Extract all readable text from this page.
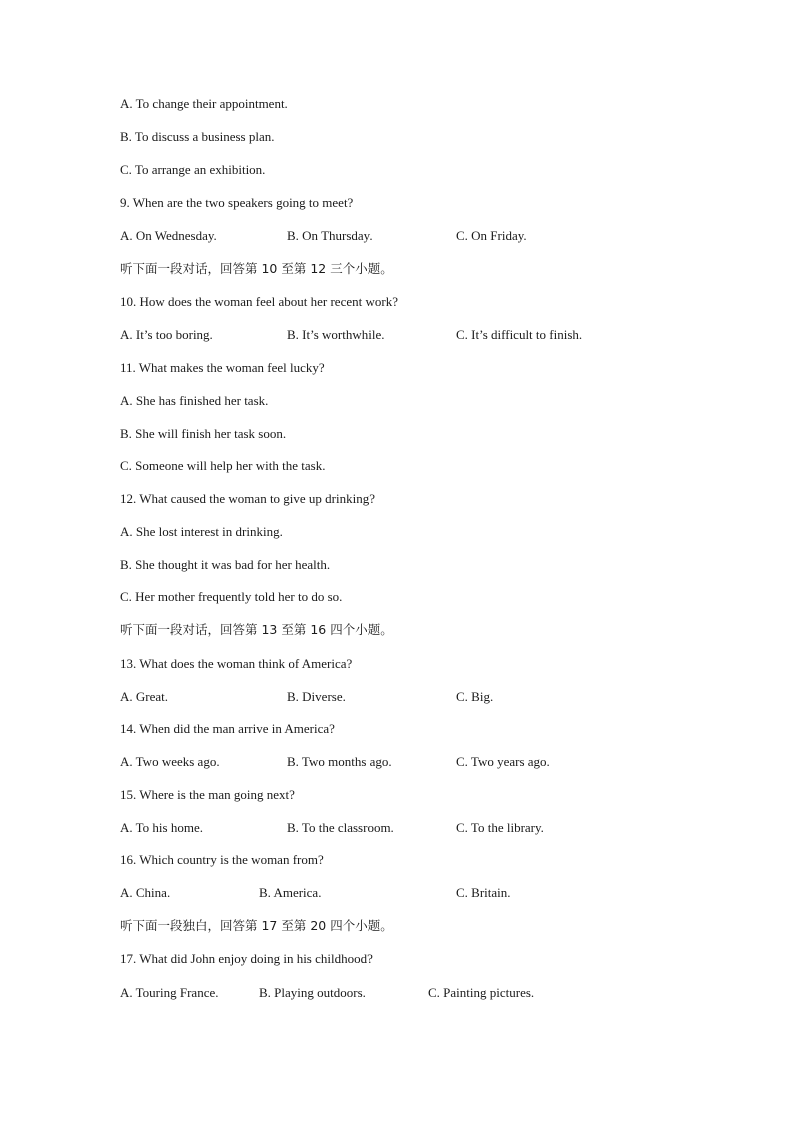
A. To change their appointment.
B. To discuss a business plan.
C. To arrange an exhibition.
9. When are the two speakers going to meet?
A. On Wednesday.	B. On Thursday.	C. On Friday.
听下面一段对话，回答第 10 至第 12 三个小题。
10. How does the woman feel about her recent work?
A. It’s too boring.	B. It’s worthwhile.	C. It’s difficult to finish.
11. What makes the woman feel lucky?
A. She has finished her task.
B. She will finish her task soon.
C. Someone will help her with the task.
12. What caused the woman to give up drinking?
A. She lost interest in drinking.
B. She thought it was bad for her health.
C. Her mother frequently told her to do so.
听下面一段对话，回答第 13 至第 16 四个小题。
13. What does the woman think of America?
A. Great.	B. Diverse.	C. Big.
14. When did the man arrive in America?
A. Two weeks ago.	B. Two months ago.	C. Two years ago.
15. Where is the man going next?
A. To his home.	B. To the classroom.	C. To the library.
16. Which country is the woman from?
A. China.	B. America.	C. Britain.
听下面一段独白，回答第 17 至第 20 四个小题。
17. What did John enjoy doing in his childhood?
A. Touring France.	B. Playing outdoors.	C. Painting pictures.
